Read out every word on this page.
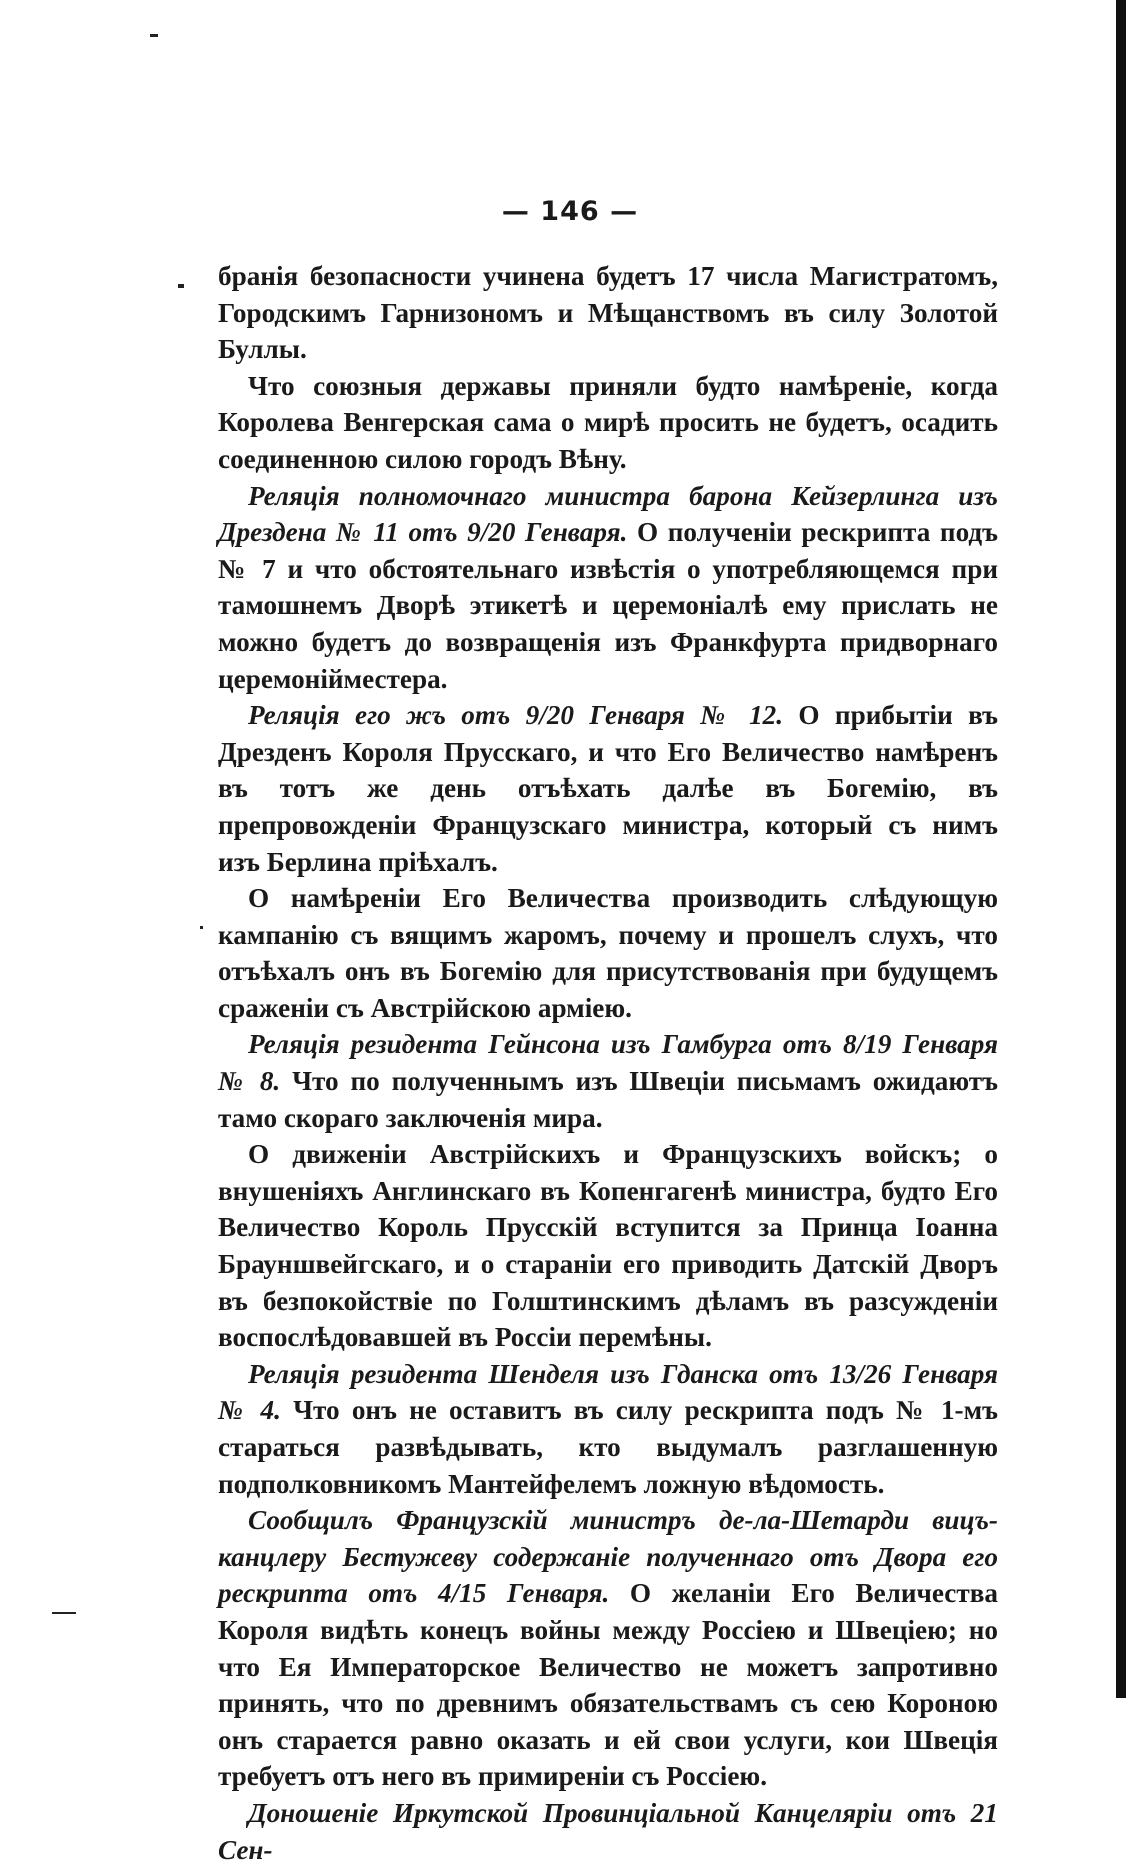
— 146 —

бранія безопасности учинена будетъ 17 числа Магистратомъ, Городскимъ Гарнизономъ и Мѣщанствомъ въ силу Золотой Буллы.

Что союзныя державы приняли будто намѣреніе, когда Королева Венгерская сама о мирѣ просить не будетъ, осадить соединенною силою городъ Вѣну.

Реляція полномочнаго министра барона Кейзерлинга изъ Дрездена № 11 отъ 9/20 Генваря. О полученіи рескрипта подъ № 7 и что обстоятельнаго извѣстія о употребляющемся при тамошнемъ Дворѣ этикетѣ и церемоніалѣ ему прислать не можно будетъ до возвращенія изъ Франкфурта придворнаго церемонійместера.

Реляція его жъ отъ 9/20 Генваря № 12. О прибытіи въ Дрезденъ Короля Прусскаго, и что Его Величество намѣренъ въ тотъ же день отъѣхать далѣе въ Богемію, въ препровожденіи Французскаго министра, который съ нимъ изъ Берлина пріѣхалъ.

О намѣреніи Его Величества производить слѣдующую кампанію съ вящимъ жаромъ, почему и прошелъ слухъ, что отъѣхалъ онъ въ Богемію для присутствованія при будущемъ сраженіи съ Австрійскою арміею.

Реляція резидента Гейнсона изъ Гамбурга отъ 8/19 Генваря № 8. Что по полученнымъ изъ Швеціи письмамъ ожидаютъ тамо скораго заключенія мира.

О движеніи Австрійскихъ и Французскихъ войскъ; о внушеніяхъ Англинскаго въ Копенгагенѣ министра, будто Его Величество Король Прусскій вступится за Принца Іоанна Брауншвейгскаго, и о стараніи его приводить Датскій Дворъ въ безпокойствіе по Голштинскимъ дѣламъ въ разсужденіи воспослѣдовавшей въ Россіи перемѣны.

Реляція резидента Шенделя изъ Гданска отъ 13/26 Генваря № 4. Что онъ не оставитъ въ силу рескрипта подъ № 1-мъ стараться развѣдывать, кто выдумалъ разглашенную подполковникомъ Мантейфелемъ ложную вѣдомость.

Сообщилъ Французскій министръ де-ла-Шетарди вицъ-канцлеру Бестужеву содержаніе полученнаго отъ Двора его рескрипта отъ 4/15 Генваря. О желаніи Его Величества Короля видѣть конецъ войны между Россіею и Швеціею; но что Ея Императорское Величество не можетъ запротивно принять, что по древнимъ обязательствамъ съ сею Короною онъ старается равно оказать и ей свои услуги, кои Швеція требуетъ отъ него въ примиреніи съ Россіею.

Доношеніе Иркутской Провинціальной Канцеляріи отъ 21 Сен-
